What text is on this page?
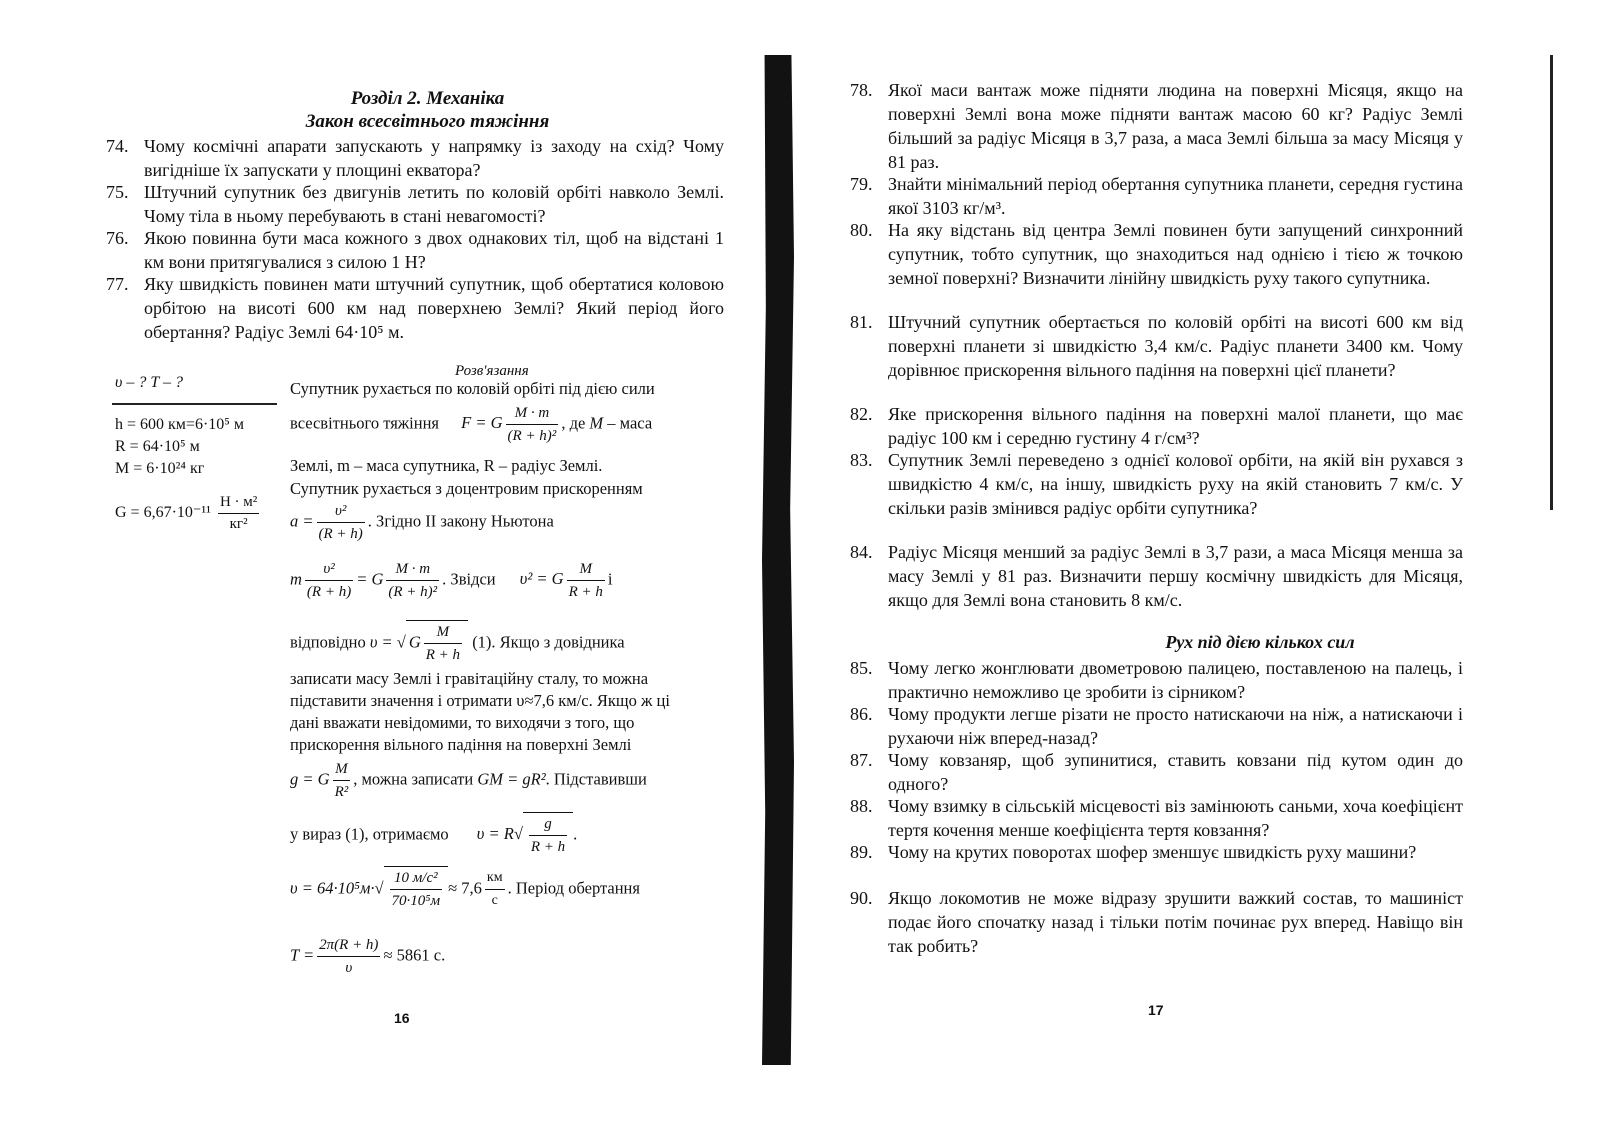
Розділ 2. Механіка
Закон всесвітнього тяжіння
74. Чому космічні апарати запускають у напрямку із заходу на схід? Чому вигідніше їх запускати у площині екватора?
75. Штучний супутник без двигунів летить по коловій орбіті навколо Землі. Чому тіла в ньому перебувають в стані невагомості?
76. Якою повинна бути маса кожного з двох однакових тіл, щоб на відстані 1 км вони притягувалися з силою 1 Н?
77. Яку швидкість повинен мати штучний супутник, щоб обертатися коловою орбітою на висоті 600 км над поверхнею Землі? Який період його обертання? Радіус Землі 64·10⁵ м.
Розв'язання
υ – ? T – ?
h = 600 км=6·10⁵ м
R = 64·10⁵ м
M = 6·10²⁴ кг
$G = 6,67\cdot 10^{-11} \frac{\text{Н · м²}}{\text{кг²}}$
Супутник рухається по коловій орбіті під дією сили
всесвітнього тяжіння F = G $\frac{M \cdot m}{\text{(R + h)²}}$ , де M – маса
Землі, m – маса супутника, R – радіус Землі.
Супутник рухається з доцентровим прискоренням
$a = \frac{\text{υ²}}{(R + h)}$ . Згідно II закону Ньютона
m $\frac{\text{υ²}}{(R + h)} = G \frac{M \cdot m}{\text{(R + h)²}}$ . Звідси υ² = G $\frac{M}{R + h}$ і
відповідно υ = √ G $\frac{M}{R + h} (1)$. Якщо з довідника
записати масу Землі і гравітаційну сталу, то можна
підставити значення і отримати υ≈7,6 км/с. Якщо ж ці
дані вважати невідомими, то виходячи з того, що
прискорення вільного падіння на поверхні Землі
g = G $\frac{M}{\text{R²}}$ , можна записати GM = gR². Підставивши
у вираз (1), отримаємо $\upsilon = R√ \frac{g}{R + h}$ .
$\upsilon = 64\cdot 10^5м\cdot√ \frac{\text{10 м/с²}}{\text{70·10⁵м}} \approx 7,6 \frac{км}{с}$ . Період обертання
$T = \frac{2\pi(R + h)}{\upsilon} \approx 5861$ с.
16
78. Якої маси вантаж може підняти людина на поверхні Місяця, якщо на поверхні Землі вона може підняти вантаж масою 60 кг? Радіус Землі більший за радіус Місяця в 3,7 раза, а маса Землі більша за масу Місяця у 81 раз.
79. Знайти мінімальний період обертання супутника планети, середня густина якої 3103 кг/м³.
80. На яку відстань від центра Землі повинен бути запущений синхронний супутник, тобто супутник, що знаходиться над однією і тією ж точкою земної поверхні? Визначити лінійну швидкість руху такого супутника.
81. Штучний супутник обертається по коловій орбіті на висоті 600 км від поверхні планети зі швидкістю 3,4 км/с. Радіус планети 3400 км. Чому дорівнює прискорення вільного падіння на поверхні цієї планети?
82. Яке прискорення вільного падіння на поверхні малої планети, що має радіус 100 км і середню густину 4 г/см³?
83. Супутник Землі переведено з однієї колової орбіти, на якій він рухався з швидкістю 4 км/с, на іншу, швидкість руху на якій становить 7 км/с. У скільки разів змінився радіус орбіти супутника?
84. Радіус Місяця менший за радіус Землі в 3,7 рази, а маса Місяця менша за масу Землі у 81 раз. Визначити першу космічну швидкість для Місяця, якщо для Землі вона становить 8 км/с.
Рух під дією кількох сил
85. Чому легко жонглювати двометровою палицею, поставленою на палець, і практично неможливо це зробити із сірником?
86. Чому продукти легше різати не просто натискаючи на ніж, а натискаючи і рухаючи ніж вперед-назад?
87. Чому ковзаняр, щоб зупинитися, ставить ковзани під кутом один до одного?
88. Чому взимку в сільській місцевості віз замінюють саньми, хоча коефіцієнт тертя кочення менше коефіцієнта тертя ковзання?
89. Чому на крутих поворотах шофер зменшує швидкість руху машини?
90. Якщо локомотив не може відразу зрушити важкий состав, то машиніст подає його спочатку назад і тільки потім починає рух вперед. Навіщо він так робить?
17
